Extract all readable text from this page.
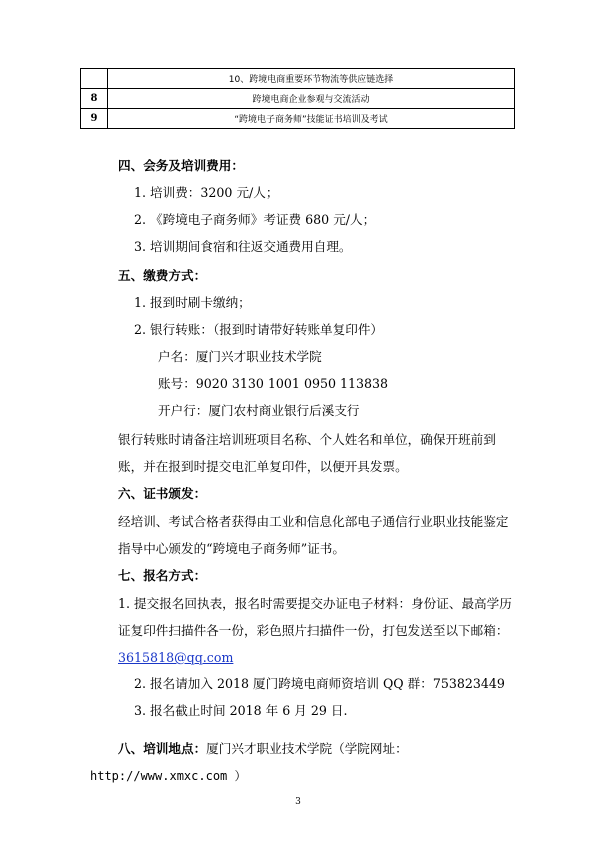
	10、跨境电商重要环节物流等供应链选择
8	跨境电商企业参观与交流活动
9	“跨境电子商务师”技能证书培训及考试
四、会务及培训费用：
1. 培训费：3200 元/人；
2. 《跨境电子商务师》考证费 680 元/人；
3. 培训期间食宿和往返交通费用自理。
五、缴费方式：
1. 报到时刷卡缴纳；
2. 银行转账：（报到时请带好转账单复印件）
户名：厦门兴才职业技术学院
账号：9020 3130 1001 0950 113838
开户行：厦门农村商业银行后溪支行
银行转账时请备注培训班项目名称、个人姓名和单位，确保开班前到账，并在报到时提交电汇单复印件，以便开具发票。
六、证书颁发：
经培训、考试合格者获得由工业和信息化部电子通信行业职业技能鉴定指导中心颁发的“跨境电子商务师”证书。
七、报名方式：
1. 提交报名回执表，报名时需要提交办证电子材料：身份证、最高学历证复印件扫描件各一份，彩色照片扫描件一份，打包发送至以下邮箱：3615818@qq.com
2. 报名请加入 2018 厦门跨境电商师资培训 QQ 群：753823449
3. 报名截止时间 2018 年 6 月 29 日.
八、培训地点：厦门兴才职业技术学院（学院网址：
http://www.xmxc.com ）
3
